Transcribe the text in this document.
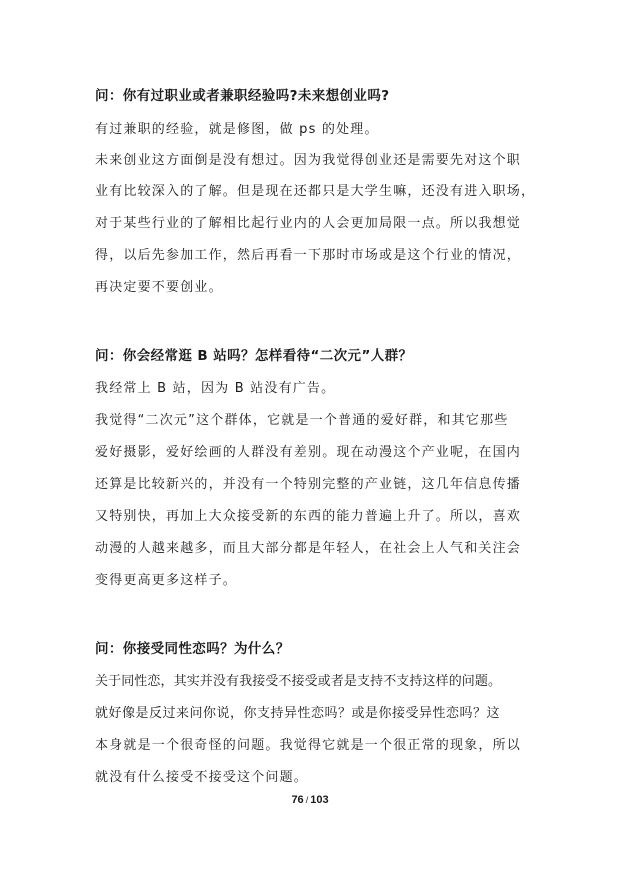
问：你有过职业或者兼职经验吗?未来想创业吗?
有过兼职的经验，就是修图，做 ps 的处理。
未来创业这方面倒是没有想过。因为我觉得创业还是需要先对这个职
业有比较深入的了解。但是现在还都只是大学生嘛，还没有进入职场，
对于某些行业的了解相比起行业内的人会更加局限一点。所以我想觉
得，以后先参加工作，然后再看一下那时市场或是这个行业的情况，
再决定要不要创业。
问：你会经常逛 B 站吗？怎样看待“二次元”人群？
我经常上 B 站，因为 B 站没有广告。
我觉得“二次元”这个群体，它就是一个普通的爱好群，和其它那些
爱好摄影，爱好绘画的人群没有差别。现在动漫这个产业呢，在国内
还算是比较新兴的，并没有一个特别完整的产业链，这几年信息传播
又特别快，再加上大众接受新的东西的能力普遍上升了。所以，喜欢
动漫的人越来越多，而且大部分都是年轻人，在社会上人气和关注会
变得更高更多这样子。
问：你接受同性恋吗？为什么？
关于同性恋，其实并没有我接受不接受或者是支持不支持这样的问题。
就好像是反过来问你说，你支持异性恋吗？或是你接受异性恋吗？这
本身就是一个很奇怪的问题。我觉得它就是一个很正常的现象，所以
就没有什么接受不接受这个问题。
76 / 103
